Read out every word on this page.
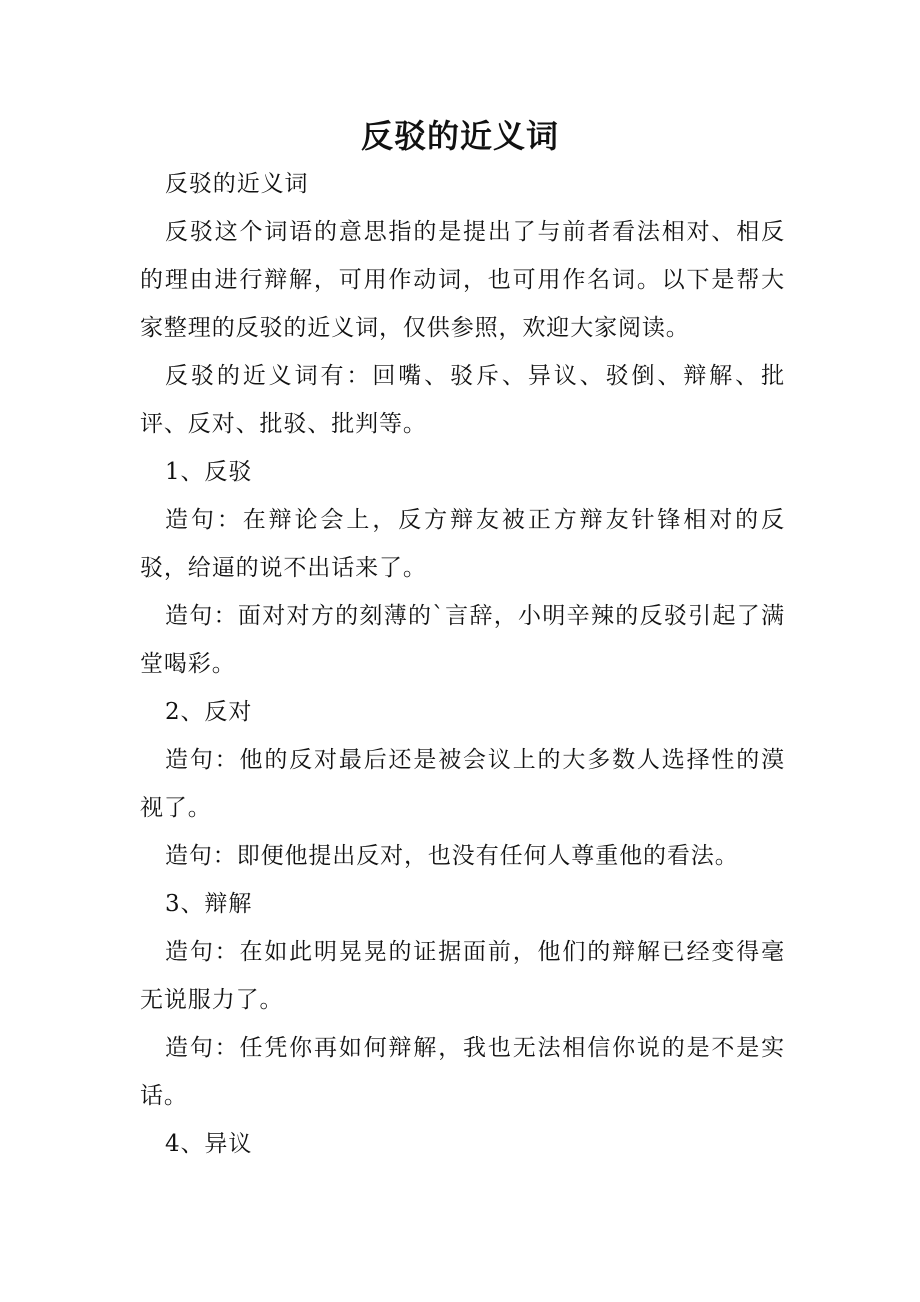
反驳的近义词

反驳的近义词

反驳这个词语的意思指的是提出了与前者看法相对、相反的理由进行辩解，可用作动词，也可用作名词。以下是帮大家整理的反驳的近义词，仅供参照，欢迎大家阅读。

反驳的近义词有：回嘴、驳斥、异议、驳倒、辩解、批评、反对、批驳、批判等。

1、反驳

造句：在辩论会上，反方辩友被正方辩友针锋相对的反驳，给逼的说不出话来了。

造句：面对对方的刻薄的`言辞，小明辛辣的反驳引起了满堂喝彩。

2、反对

造句：他的反对最后还是被会议上的大多数人选择性的漠视了。

造句：即便他提出反对，也没有任何人尊重他的看法。

3、辩解

造句：在如此明晃晃的证据面前，他们的辩解已经变得毫无说服力了。

造句：任凭你再如何辩解，我也无法相信你说的是不是实话。

4、异议
